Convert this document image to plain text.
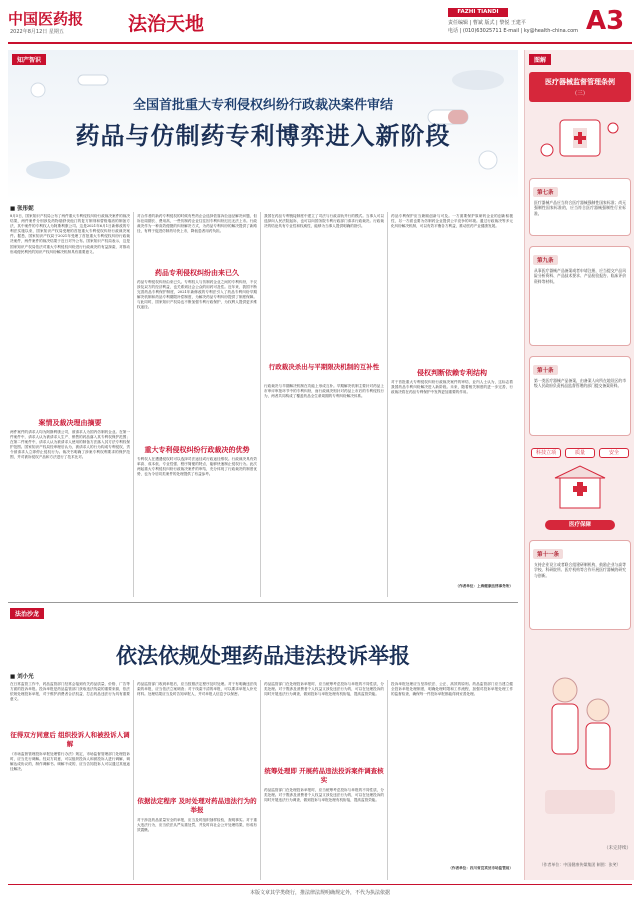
中国医药报
2022年8月12日 星期五	法治天地
FAZHI TIANDI
责任编辑 | 曹斌 版式 | 黎悦 王建平
电话 | (010)63025711 E-mail | ky@health-china.com A3
知产智识
全国首批重大专利侵权纠纷行政裁决案件审结
药品与仿制药专利博弈进入新阶段
■ 张彤妮
8月5日，国家知识产权局公布了两件重大专利侵权纠纷行政裁决案件的裁决结果，两件案件分别涉及药物瑞舒伐他汀的复方制剂和替格瑞洛的制备方法，其中案件的专利权人为阿斯利康公司。这是2021年6月1日新修改的专利法实施以来，国家知识产权局受理的首批重大专利侵权纠纷行政裁决案件。据悉，国家知识产权局于2021年受理了首批重大专利侵权纠纷行政裁决案件，两件案件的裁决结果于近日对外公布。国家知识产权局表示，这是国家知识产权局依法对重大专利侵权纠纷进行行政裁决的有益探索，对推动形成便民利民的知识产权纠纷解决机制具有重要意义。
案情及裁决理由摘要
两件案件的请求人均为阿斯利康公司，被请求人为国内仿制药企业。在第一件案件中，请求人认为被请求人生产、销售的药品落入其专利权保护范围；在第二件案件中，请求人认为被请求人使用的制备方法落入其方法专利权保护范围。国家知识产权局经审理后认为，被请求人的行为构成专利侵权，责令被请求人立即停止侵权行为。裁决书明确了涉案专利权利要求的保护范围，并对被诉侵权产品和方法进行了技术比对。
对合作者的新药专利侵权的时候有些药企会选择依靠诉讼途径解决问题，但诉讼周期长、费用高，一些仿制药企业往往因专利纠纷迟迟无法上市。行政裁决作为一种高效便捷的纠纷解决方式，为药品专利纠纷的解决提供了新路径，有利于促进仿制药尽快上市，降低患者用药负担。
药品专利侵权纠纷由来已久
药品专利侵权纠纷由来已久。专利权人与仿制药企业之间的专利纠纷，不仅涉及双方的经济利益，也关系到社会公众的用药可及性。近年来，我国不断完善药品专利保护制度，2021年新修改的专利法引入了药品专利纠纷早期解决机制和药品专利期限补偿制度，为解决药品专利纠纷提供了制度保障。与此同时，国家知识产权局也不断加强专利行政保护，为权利人提供更多维权途径。
重大专利侵权纠纷行政裁决的优势
专利权人在遭遇侵权时可以选择司法途径或行政途径维权。行政裁决具有效率高、成本低、专业性强、程序简便的特点，能够快速制止侵权行为。此次两起重大专利侵权纠纷行政裁决案件的审结，充分体现了行政裁决的制度优势，也为今后同类案件的处理提供了有益参考。
我国在药品专利链接制度中建立了司法与行政双轨并行的模式。当事人可以选择向人民法院起诉，也可以向国务院专利行政部门请求行政裁决。行政裁决的结论具有专业性和权威性，能够为当事人提供明确的指引。
行政裁决杀出与平期限决机制的互补性
行政裁决与早期解决机制在功能上形成互补。早期解决机制主要针对药品上市审评审批环节中的专利纠纷，而行政裁决则针对药品上市后的专利侵权行为，两者共同构成了覆盖药品全生命周期的专利纠纷解决体系。
药品专利保护应当兼顾创新与可及。一方面要保护原研药企业的创新积极性，另一方面也要为仿制药企业提供公平竞争的环境。通过行政裁决等多元化纠纷解决机制，可以有效平衡各方利益，推动医药产业健康发展。
侵权判断依赖专利结构
对于首批重大专利侵权纠纷行政裁决案件的审结，业内人士认为，这标志着我国药品专利纠纷解决进入新阶段。未来，随着相关制度的进一步完善，行政裁决将在药品专利保护中发挥更加重要的作用。
（作者单位：上海健康法律事务所）
法治沙龙
依法依规处理药品违法投诉举报
■ 刘小光
在日常监管工作中，药品监管部门经常会接到有关药品质量、价格、广告等方面的投诉举报。投诉举报是药品监管部门获取违法线索的重要来源，依法依规处理投诉举报，对于维护消费者合法权益、打击药品违法行为具有重要意义。
征得双方同意后 组织投诉人和被投诉人调解
《市场监督管理投诉举报处理暂行办法》规定，市场监督管理部门处理投诉时，应当先行调解。经双方同意，可以组织投诉人和被投诉人进行调解，调解达成协议的，制作调解书。调解不成的，应当告知投诉人可以通过其他途径解决。
药品监管部门收到举报后，应当按照法定程序及时处理。对于有明确违法线索的举报，应当依法立案调查；对于线索不清的举报，可以要求举报人补充材料。处理结果应当及时告知举报人，并对举报人信息予以保密。
依据法定程序 及时处理对药品违法行为的举报
对于涉及药品质量安全的举报，应当及时组织抽样检验，查明事实。对于重大违法行为，应当依法从严从重处罚，并及时向社会公开处理结果，形成有效震慑。
药品监管部门在处理投诉举报时，应当统筹考虑投诉与举报的不同性质，分类处理。对于既涉及消费者个人权益又涉及违法行为的，可以在处理投诉的同时开展违法行为调查，做到投诉与举报处理有机衔接，提高监管效能。
统筹处理即 开展药品违法投诉案件调查核实
药品监管部门在处理投诉举报时，应当统筹考虑投诉与举报的不同性质，分类处理。对于既涉及消费者个人权益又涉及违法行为的，可以在处理投诉的同时开展违法行为调查，做到投诉与举报处理有机衔接，提高监管效能。
投诉举报处理应当坚持依法、公正、高效的原则。药品监管部门应当建立健全投诉举报处理制度，明确处理时限和工作流程，加强对投诉举报处理工作的监督检查，确保每一件投诉举报都能得到妥善处理。
（作者单位：四川省宜宾县市场监管局）
图解
医疗器械监督管理条例
（三）
第七条
医疗器械产品应当符合医疗器械强制性国家标准；尚无强制性国家标准的，应当符合医疗器械强制性行业标准。
第九条
从事医疗器械产品备案或者申请注册，应当提交产品风险分析资料、产品技术要求、产品检验报告、临床评价资料等材料。
第十条
第一类医疗器械产品备案，由备案人向所在地设区的市级人民政府负责药品监督管理的部门提交备案资料。
科技立项	质量	安全
医疗保障
第十一条
支持企业设立或者联合组建研制机构，鼓励企业与高等学校、科研院所、医疗机构等合作开展医疗器械的研究与创新。
（未完待续）
（作者单位：中国健康传媒集团 制图：张笑）
本版文章其学类绕行，推法律法规明确规定外，不代为执法依据
